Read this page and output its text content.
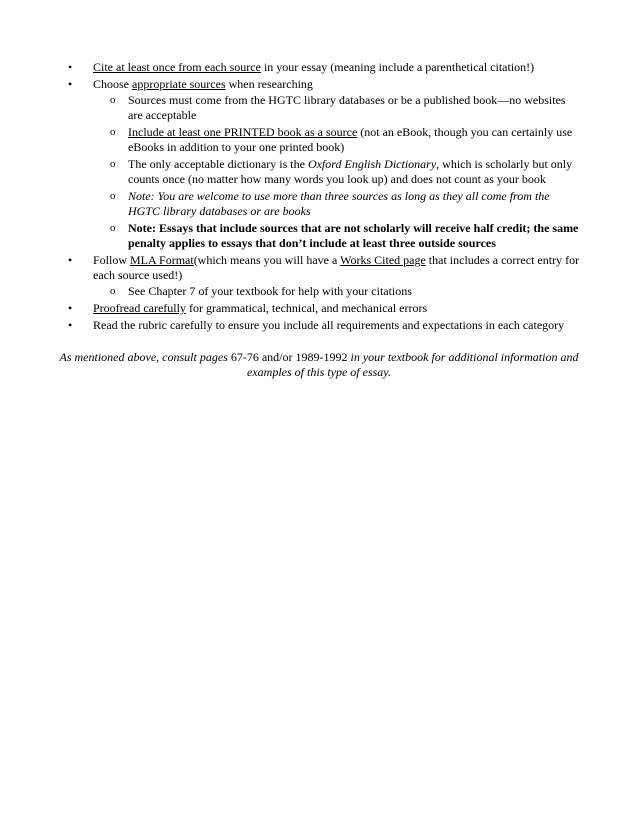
• Cite at least once from each source in your essay (meaning include a parenthetical citation!)
• Choose appropriate sources when researching
o Sources must come from the HGTC library databases or be a published book—no websites are acceptable
o Include at least one PRINTED book as a source (not an eBook, though you can certainly use eBooks in addition to your one printed book)
o The only acceptable dictionary is the Oxford English Dictionary, which is scholarly but only counts once (no matter how many words you look up) and does not count as your book
o Note: You are welcome to use more than three sources as long as they all come from the HGTC library databases or are books
o Note: Essays that include sources that are not scholarly will receive half credit; the same penalty applies to essays that don’t include at least three outside sources
• Follow MLA Format(which means you will have a Works Cited page that includes a correct entry for each source used!)
o See Chapter 7 of your textbook for help with your citations
• Proofread carefully for grammatical, technical, and mechanical errors
• Read the rubric carefully to ensure you include all requirements and expectations in each category

As mentioned above, consult pages 67-76 and/or 1989-1992 in your textbook for additional information and examples of this type of essay.
